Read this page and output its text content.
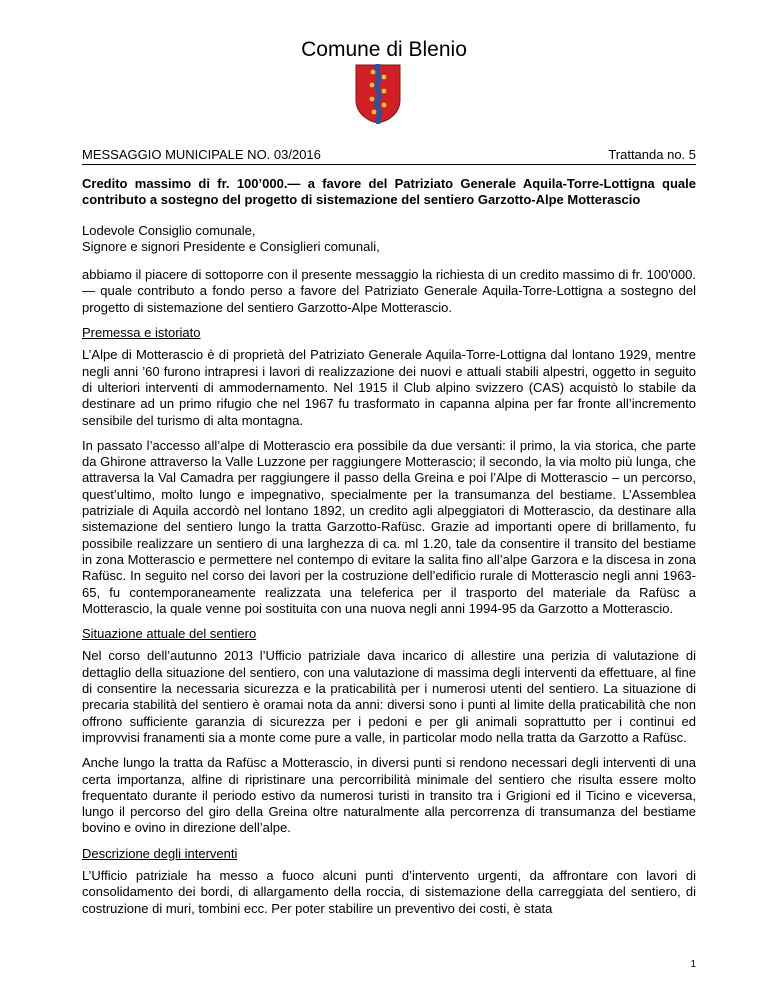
Comune di Blenio
MESSAGGIO MUNICIPALE NO. 03/2016	Trattanda no. 5

Credito massimo di fr. 100’000.— a favore del Patriziato Generale Aquila-Torre-Lottigna quale contributo a sostegno del progetto di sistemazione del sentiero Garzotto-Alpe Motterascio

Lodevole Consiglio comunale,
Signore e signori Presidente e Consiglieri comunali,

abbiamo il piacere di sottoporre con il presente messaggio la richiesta di un credito massimo di fr. 100'000.— quale contributo a fondo perso a favore del Patriziato Generale Aquila-Torre-Lottigna a sostegno del progetto di sistemazione del sentiero Garzotto-Alpe Motterascio.

Premessa e istoriato

L’Alpe di Motterascio è di proprietà del Patriziato Generale Aquila-Torre-Lottigna dal lontano 1929, mentre negli anni ’60 furono intrapresi i lavori di realizzazione dei nuovi e attuali stabili alpestri, oggetto in seguito di ulteriori interventi di ammodernamento. Nel 1915 il Club alpino svizzero (CAS) acquistò lo stabile da destinare ad un primo rifugio che nel 1967 fu trasformato in capanna alpina per far fronte all’incremento sensibile del turismo di alta montagna.

In passato l’accesso all’alpe di Motterascio era possibile da due versanti: il primo, la via storica, che parte da Ghirone attraverso la Valle Luzzone per raggiungere Motterascio; il secondo, la via molto più lunga, che attraversa la Val Camadra per raggiungere il passo della Greina e poi l’Alpe di Motterascio – un percorso, quest’ultimo, molto lungo e impegnativo, specialmente per la transumanza del bestiame. L’Assemblea patriziale di Aquila accordò nel lontano 1892, un credito agli alpeggiatori di Motterascio, da destinare alla sistemazione del sentiero lungo la tratta Garzotto-Rafüsc. Grazie ad importanti opere di brillamento, fu possibile realizzare un sentiero di una larghezza di ca. ml 1.20, tale da consentire il transito del bestiame in zona Motterascio e permettere nel contempo di evitare la salita fino all’alpe Garzora e la discesa in zona Rafüsc. In seguito nel corso dei lavori per la costruzione dell’edificio rurale di Motterascio negli anni 1963-65, fu contemporaneamente realizzata una teleferica per il trasporto del materiale da Rafüsc a Motterascio, la quale venne poi sostituita con una nuova negli anni 1994-95 da Garzotto a Motterascio.

Situazione attuale del sentiero

Nel corso dell’autunno 2013 l’Ufficio patriziale dava incarico di allestire una perizia di valutazione di dettaglio della situazione del sentiero, con una valutazione di massima degli interventi da effettuare, al fine di consentire la necessaria sicurezza e la praticabilità per i numerosi utenti del sentiero. La situazione di precaria stabilità del sentiero è oramai nota da anni: diversi sono i punti al limite della praticabilità che non offrono sufficiente garanzia di sicurezza per i pedoni e per gli animali soprattutto per i continui ed improvvisi franamenti sia a monte come pure a valle, in particolar modo nella tratta da Garzotto a Rafüsc.

Anche lungo la tratta da Rafüsc a Motterascio, in diversi punti si rendono necessari degli interventi di una certa importanza, alfine di ripristinare una percorribilità minimale del sentiero che risulta essere molto frequentato durante il periodo estivo da numerosi turisti in transito tra i Grigioni ed il Ticino e viceversa, lungo il percorso del giro della Greina oltre naturalmente alla percorrenza di transumanza del bestiame bovino e ovino in direzione dell’alpe.

Descrizione degli interventi

L’Ufficio patriziale ha messo a fuoco alcuni punti d’intervento urgenti, da affrontare con lavori di consolidamento dei bordi, di allargamento della roccia, di sistemazione della carreggiata del sentiero, di costruzione di muri, tombini ecc. Per poter stabilire un preventivo dei costi, è stata

1
